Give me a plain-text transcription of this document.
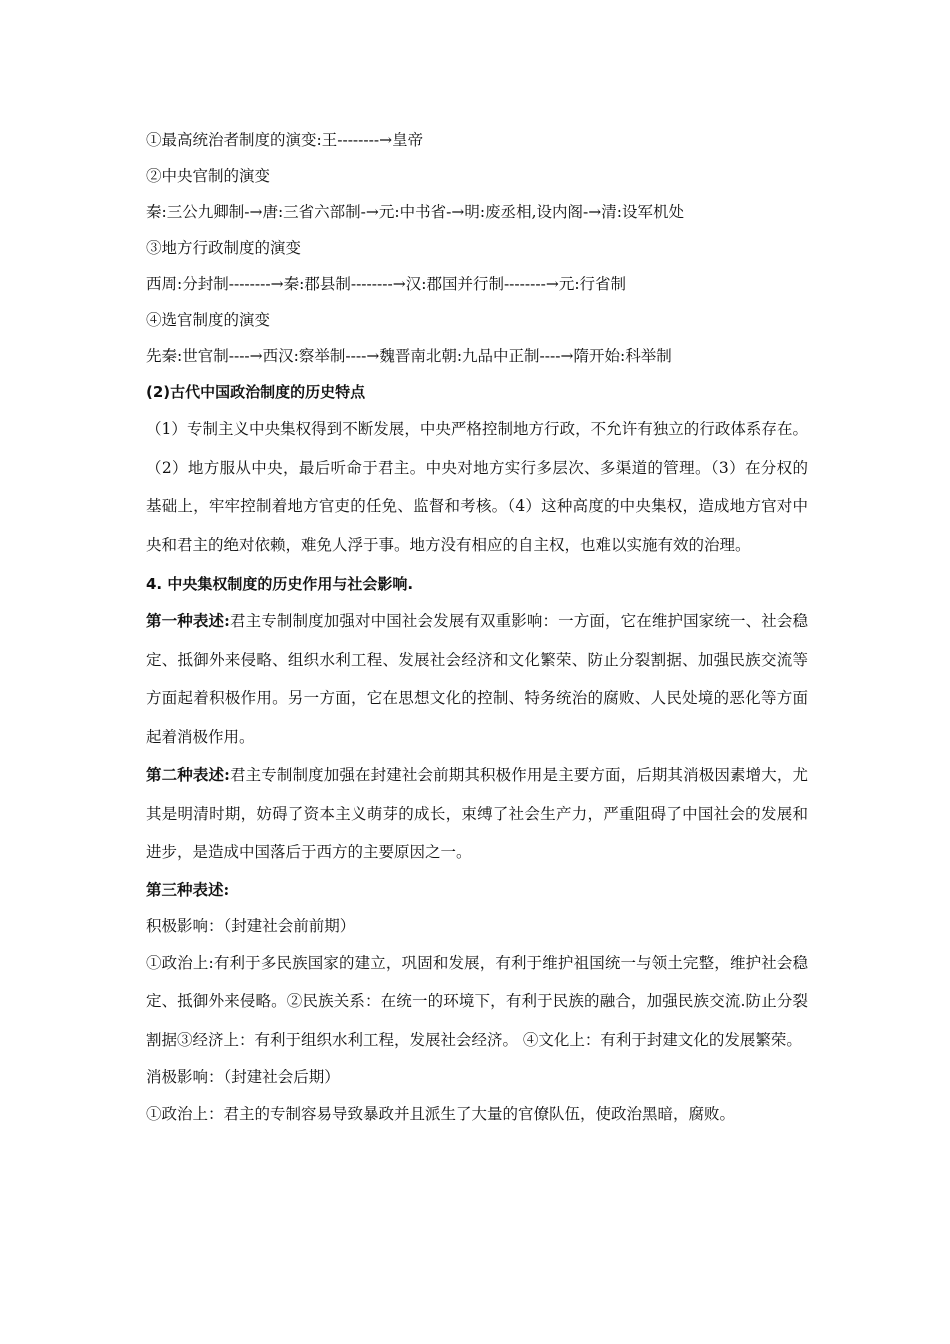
①最高统治者制度的演变:王--------→皇帝
②中央官制的演变
秦:三公九卿制-→唐:三省六部制-→元:中书省-→明:废丞相,设内阁-→清:设军机处
③地方行政制度的演变
西周:分封制--------→秦:郡县制--------→汉:郡国并行制--------→元:行省制
④选官制度的演变
先秦:世官制----→西汉:察举制----→魏晋南北朝:九品中正制----→隋开始:科举制
(2)古代中国政治制度的历史特点
（1）专制主义中央集权得到不断发展，中央严格控制地方行政，不允许有独立的行政体系存在。（2）地方服从中央，最后听命于君主。中央对地方实行多层次、多渠道的管理。（3）在分权的基础上，牢牢控制着地方官吏的任免、监督和考核。（4）这种高度的中央集权，造成地方官对中央和君主的绝对依赖，难免人浮于事。地方没有相应的自主权，也难以实施有效的治理。
4. 中央集权制度的历史作用与社会影响.
第一种表述:君主专制制度加强对中国社会发展有双重影响：一方面，它在维护国家统一、社会稳定、抵御外来侵略、组织水利工程、发展社会经济和文化繁荣、防止分裂割据、加强民族交流等方面起着积极作用。另一方面，它在思想文化的控制、特务统治的腐败、人民处境的恶化等方面起着消极作用。
第二种表述:君主专制制度加强在封建社会前期其积极作用是主要方面，后期其消极因素增大，尤其是明清时期，妨碍了资本主义萌芽的成长，束缚了社会生产力，严重阻碍了中国社会的发展和进步，是造成中国落后于西方的主要原因之一。
第三种表述:
积极影响：（封建社会前前期）
①政治上:有利于多民族国家的建立，巩固和发展，有利于维护祖国统一与领土完整，维护社会稳定、抵御外来侵略。②民族关系：在统一的环境下，有利于民族的融合，加强民族交流.防止分裂割据③经济上：有利于组织水利工程，发展社会经济。 ④文化上：有利于封建文化的发展繁荣。
消极影响：（封建社会后期）
①政治上：君主的专制容易导致暴政并且派生了大量的官僚队伍，使政治黑暗，腐败。
